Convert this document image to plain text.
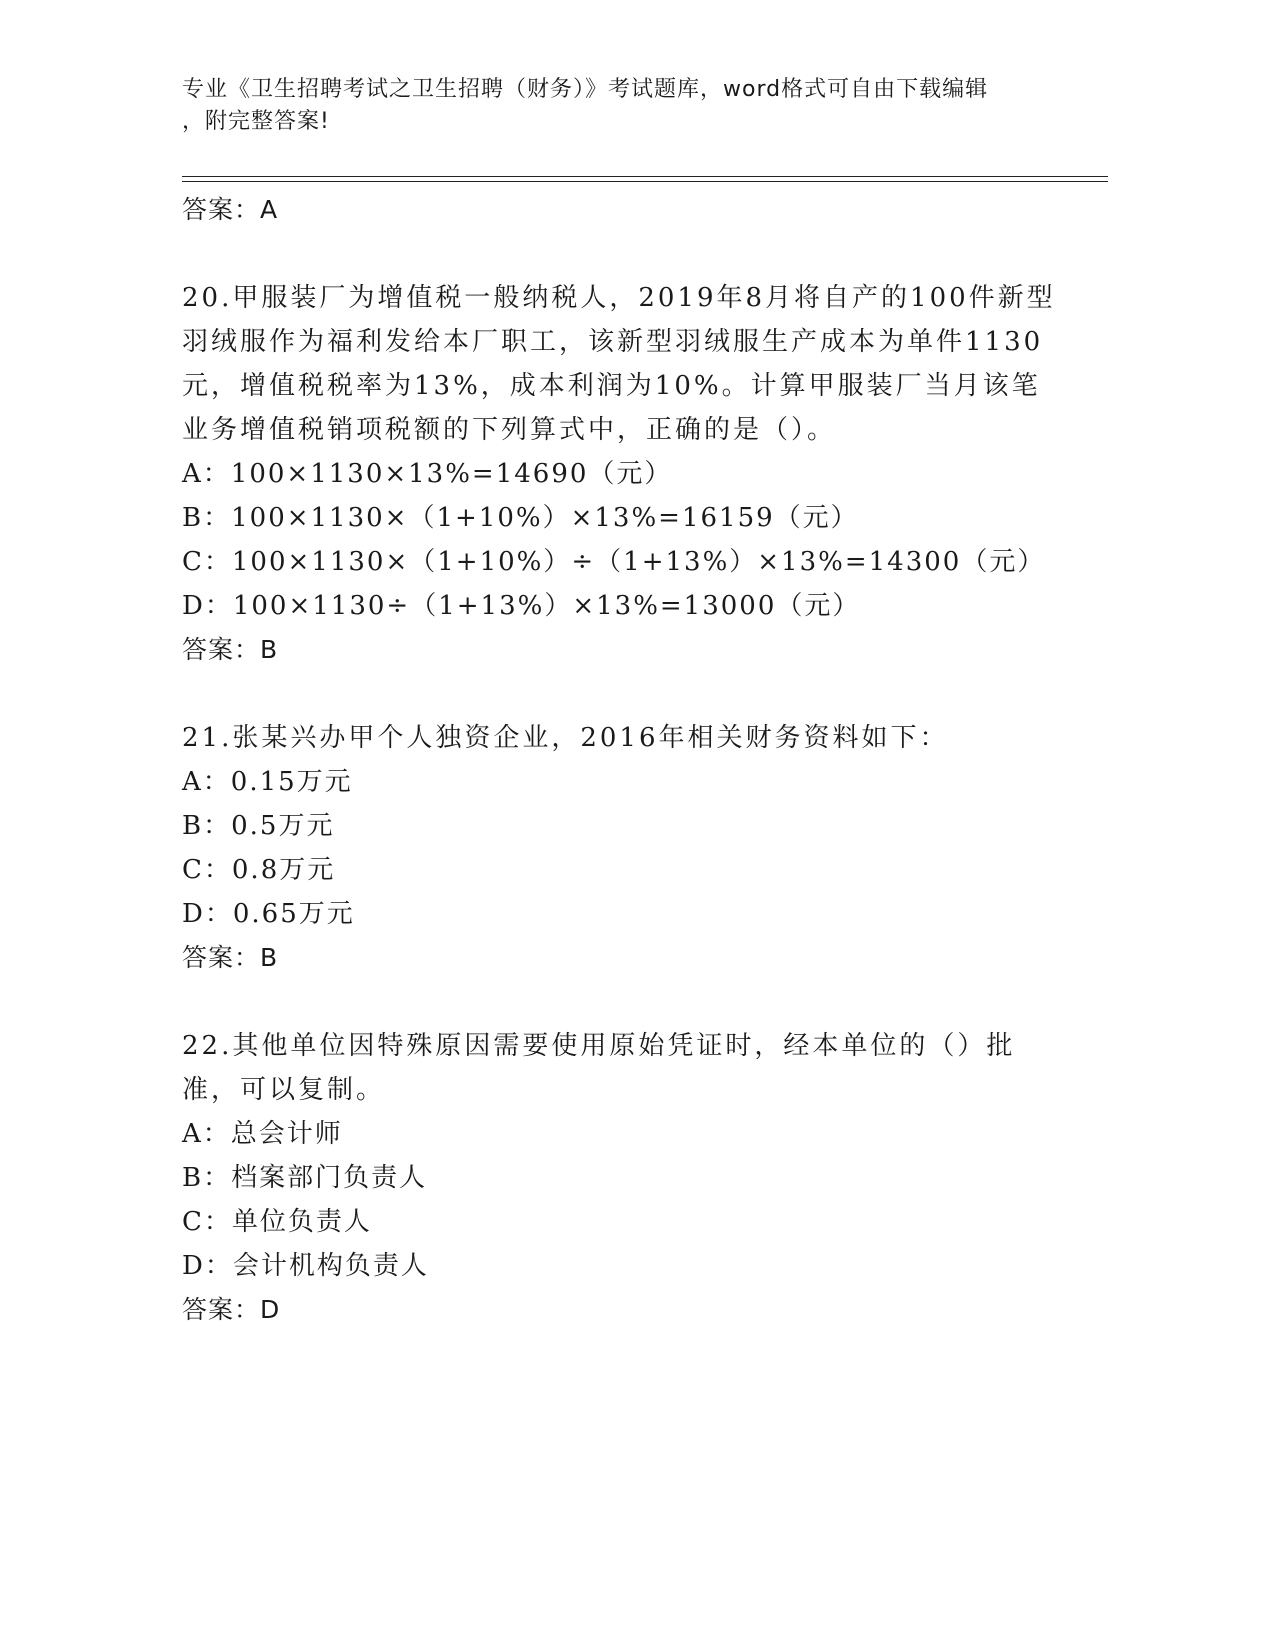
专业《卫生招聘考试之卫生招聘（财务）》考试题库，word格式可自由下载编辑
，附完整答案!
答案：A
20.甲服装厂为增值税一般纳税人，2019年8月将自产的100件新型羽绒服作为福利发给本厂职工，该新型羽绒服生产成本为单件1130元，增值税税率为13%，成本利润为10%。计算甲服装厂当月该笔业务增值税销项税额的下列算式中，正确的是（）。
A：100×1130×13%=14690（元）
B：100×1130×（1+10%）×13%=16159（元）
C：100×1130×（1+10%）÷（1+13%）×13%=14300（元）
D：100×1130÷（1+13%）×13%=13000（元）
答案：B
21.张某兴办甲个人独资企业，2016年相关财务资料如下：
A：0.15万元
B：0.5万元
C：0.8万元
D：0.65万元
答案：B
22.其他单位因特殊原因需要使用原始凭证时，经本单位的（）批准，可以复制。
A：总会计师
B：档案部门负责人
C：单位负责人
D：会计机构负责人
答案：D
